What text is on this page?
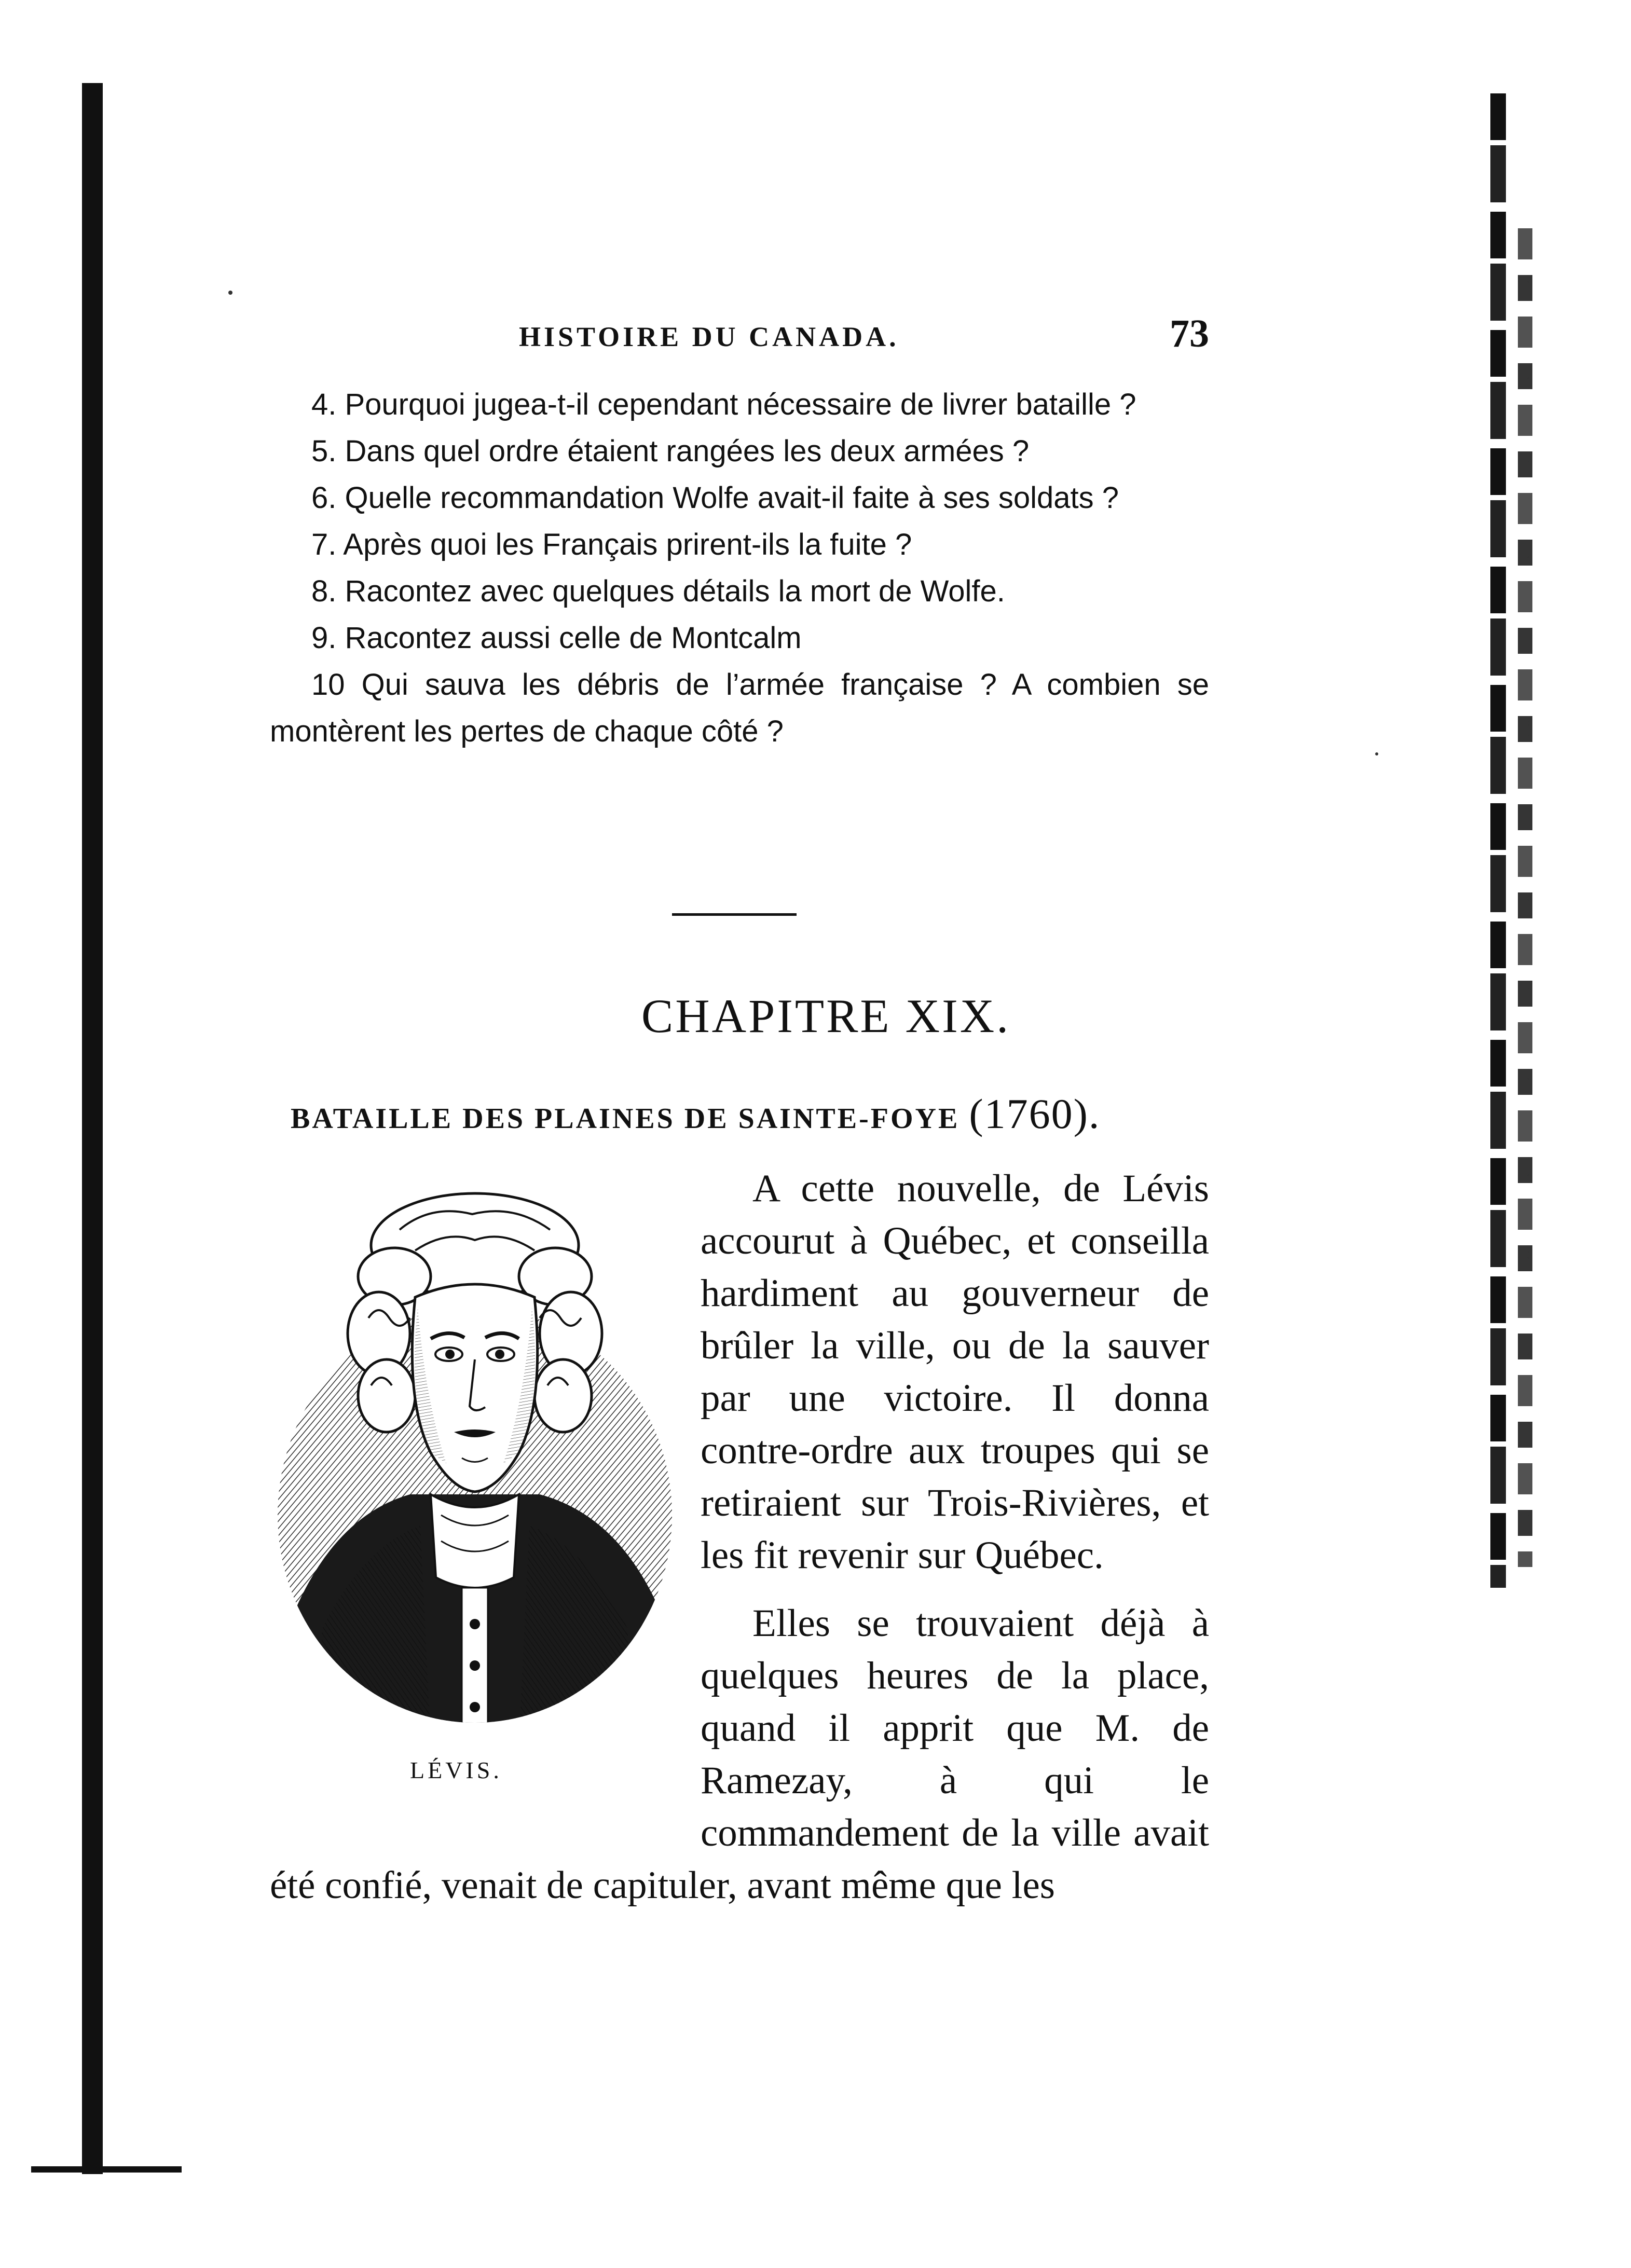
HISTOIRE DU CANADA.	73

4. Pourquoi jugea-t-il cependant nécessaire de livrer bataille ?

5. Dans quel ordre étaient rangées les deux armées ?

6. Quelle recommandation Wolfe avait-il faite à ses soldats ?

7. Après quoi les Français prirent-ils la fuite ?

8. Racontez avec quelques détails la mort de Wolfe.

9. Racontez aussi celle de Montcalm

10 Qui sauva les débris de l’armée française ? A combien se montèrent les pertes de chaque côté ?

CHAPITRE XIX.
BATAILLE DES PLAINES DE SAINTE-FOYE (1760).

A cette nouvelle, de Lévis accourut à Québec, et conseilla hardiment au gouverneur de brûler la ville, ou de la sauver par une victoire. Il donna contre-ordre aux troupes qui se retiraient sur Trois-Rivières, et les fit revenir sur Québec.

Elles se trouvaient déjà à quelques heures de la place, quand il apprit que M. de Ramezay, à qui le commandement de la ville avait été confié, venait de capituler, avant même que les

LÉVIS.
